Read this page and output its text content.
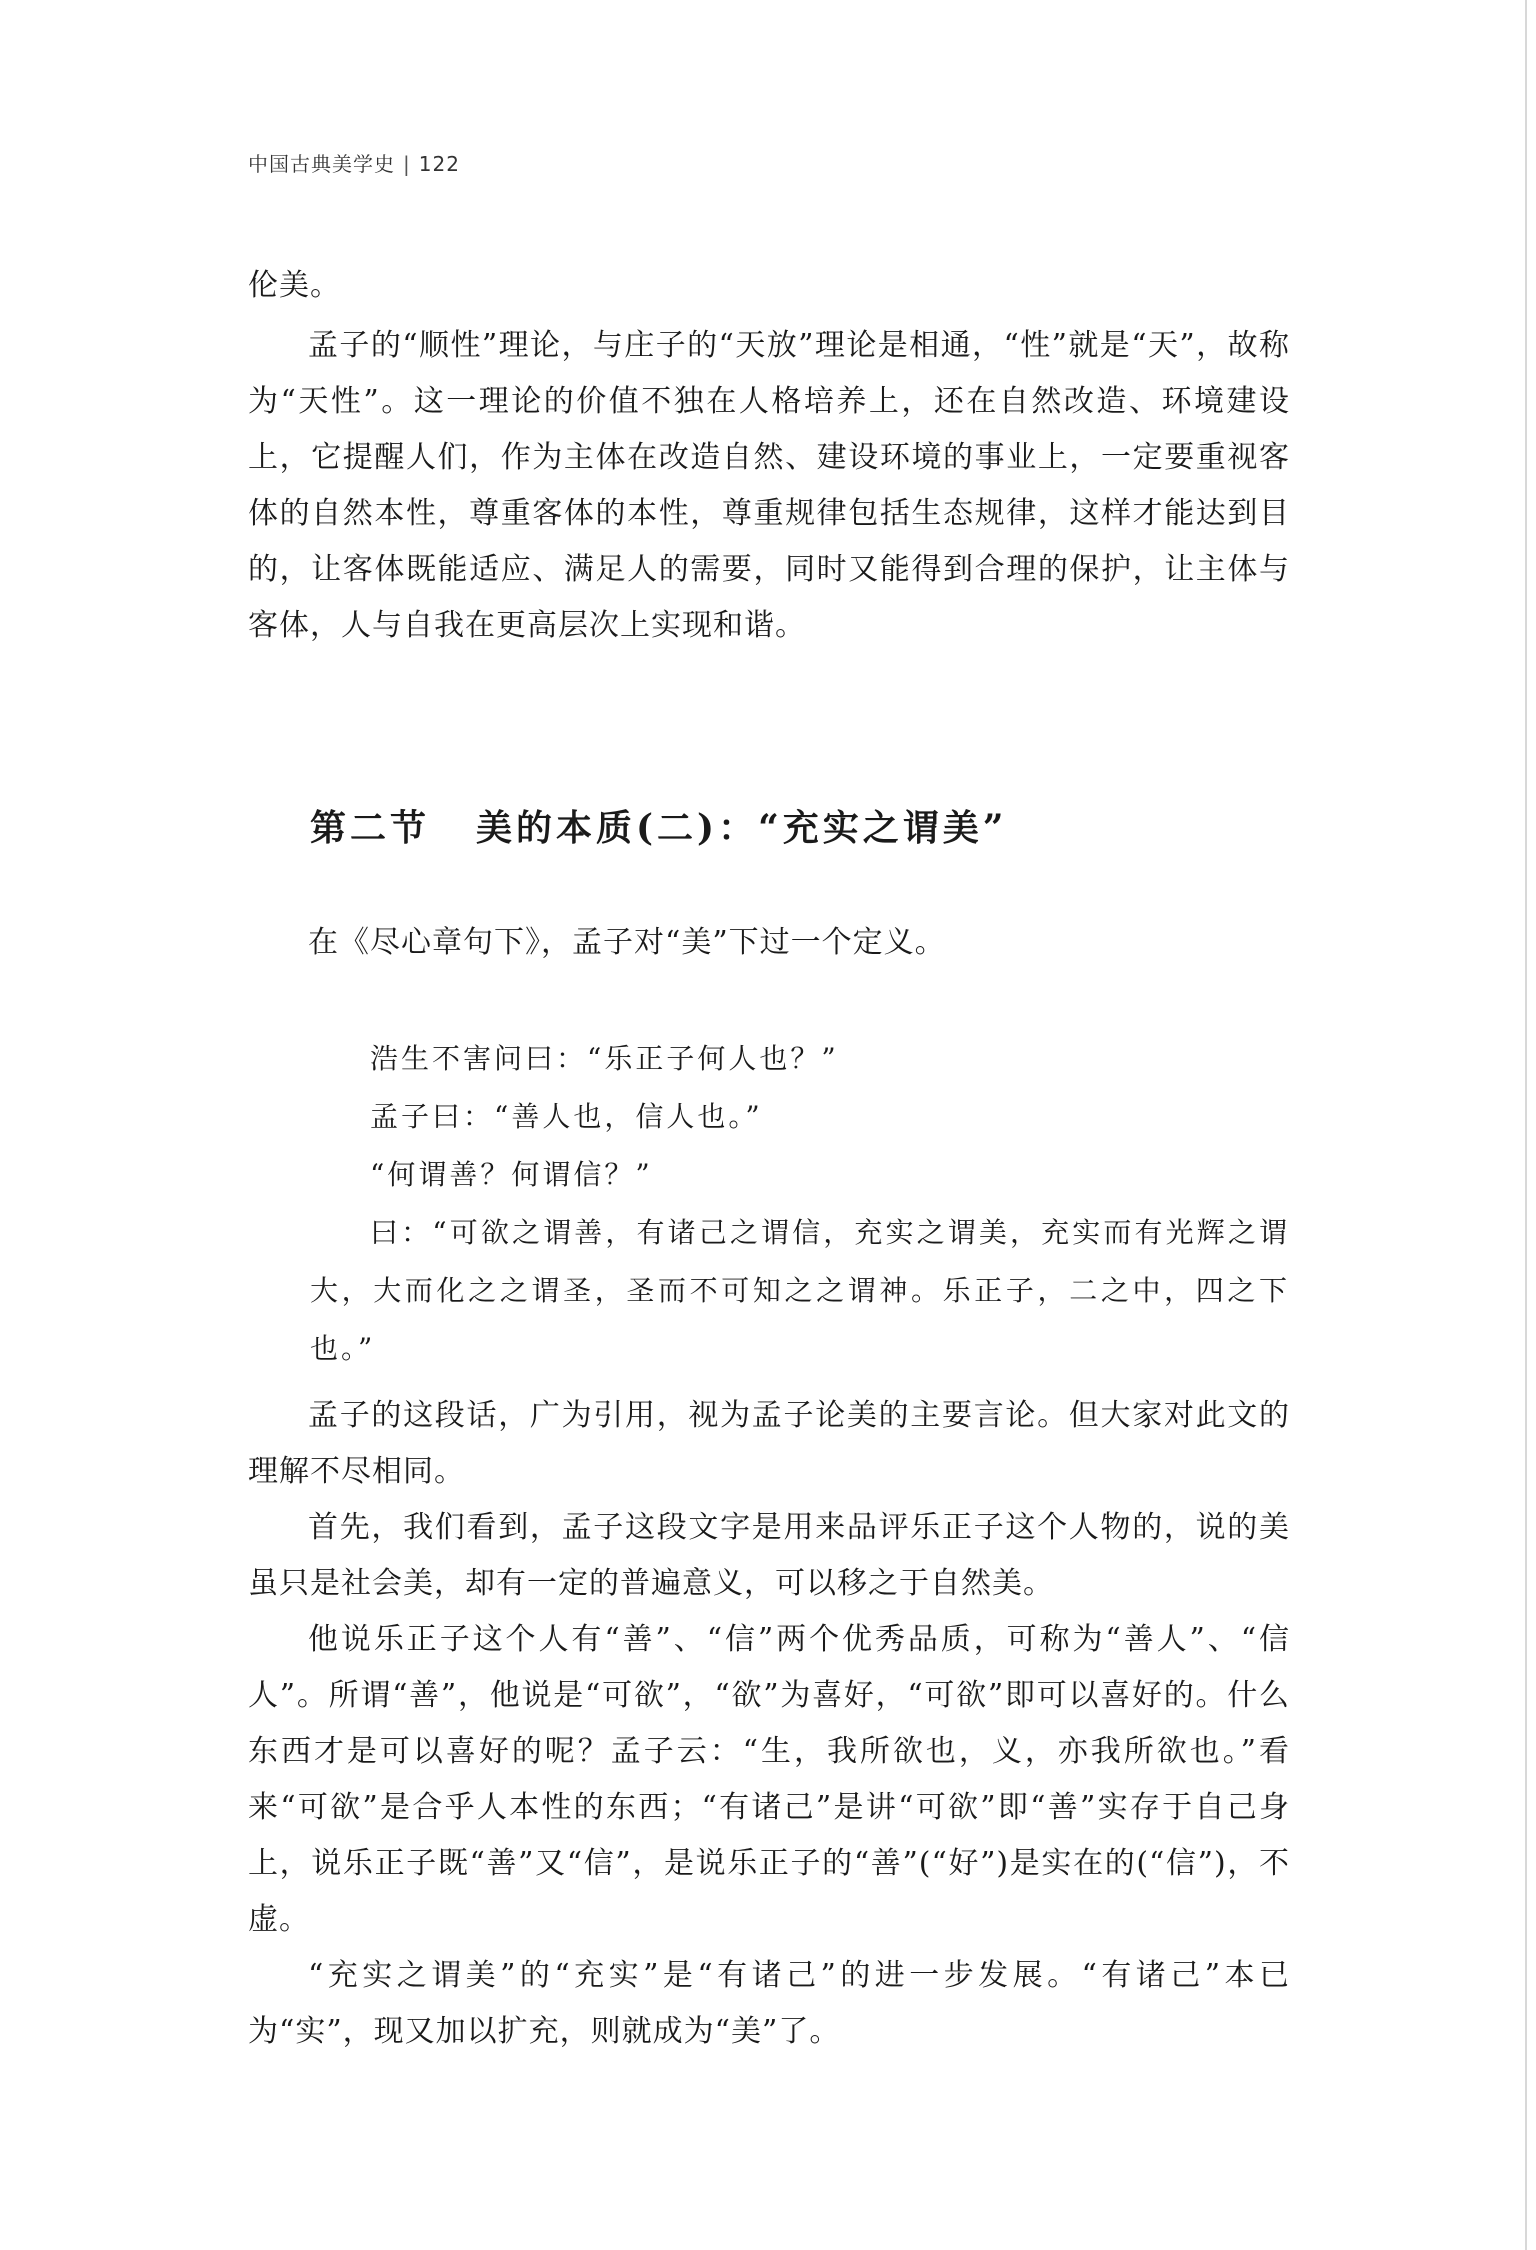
中国古典美学史 | 122

伦美。

孟子的“顺性”理论，与庄子的“天放”理论是相通，“性”就是“天”，故称为“天性”。这一理论的价值不独在人格培养上，还在自然改造、环境建设上，它提醒人们，作为主体在改造自然、建设环境的事业上，一定要重视客体的自然本性，尊重客体的本性，尊重规律包括生态规律，这样才能达到目的，让客体既能适应、满足人的需要，同时又能得到合理的保护，让主体与客体，人与自我在更高层次上实现和谐。

第二节 美的本质(二)：“充实之谓美”

在《尽心章句下》，孟子对“美”下过一个定义。

浩生不害问曰：“乐正子何人也？”

孟子曰：“善人也，信人也。”

“何谓善？何谓信？”

曰：“可欲之谓善，有诸己之谓信，充实之谓美，充实而有光辉之谓大，大而化之之谓圣，圣而不可知之之谓神。乐正子，二之中，四之下也。”

孟子的这段话，广为引用，视为孟子论美的主要言论。但大家对此文的理解不尽相同。

首先，我们看到，孟子这段文字是用来品评乐正子这个人物的，说的美虽只是社会美，却有一定的普遍意义，可以移之于自然美。

他说乐正子这个人有“善”、“信”两个优秀品质，可称为“善人”、“信人”。所谓“善”，他说是“可欲”，“欲”为喜好，“可欲”即可以喜好的。什么东西才是可以喜好的呢？孟子云：“生，我所欲也，义，亦我所欲也。”看来“可欲”是合乎人本性的东西；“有诸己”是讲“可欲”即“善”实存于自己身上，说乐正子既“善”又“信”，是说乐正子的“善”(“好”)是实在的(“信”)，不虚。

“充实之谓美”的“充实”是“有诸己”的进一步发展。“有诸己”本已为“实”，现又加以扩充，则就成为“美”了。
